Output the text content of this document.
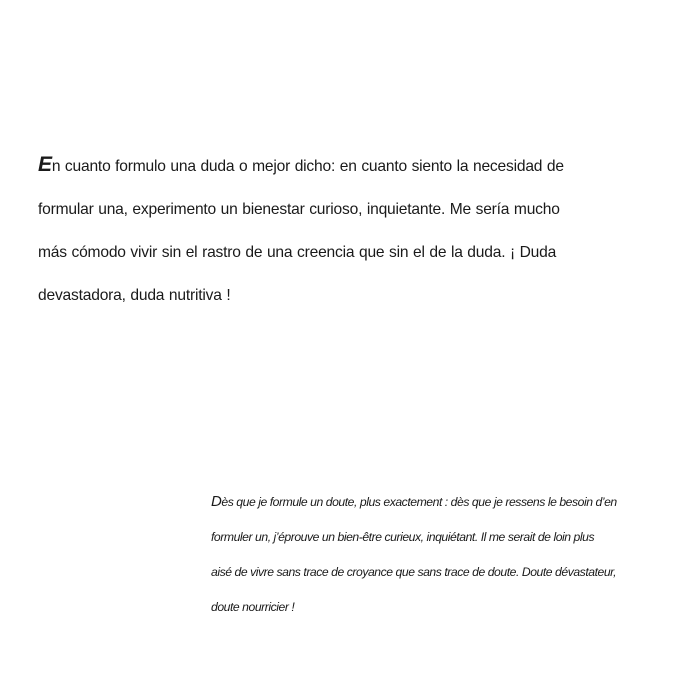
En cuanto formulo una duda o mejor dicho: en cuanto siento la necesidad de
formular una, experimento un bienestar curioso, inquietante. Me sería mucho
más cómodo vivir sin el rastro de una creencia que sin el de la duda. ¡ Duda
devastadora, duda nutritiva !
Dès que je formule un doute, plus exactement : dès que je ressens le besoin d’en
formuler un, j’éprouve un bien-être curieux, inquiétant. Il me serait de loin plus
aisé de vivre sans trace de croyance que sans trace de doute. Doute dévastateur,
doute nourricier !
